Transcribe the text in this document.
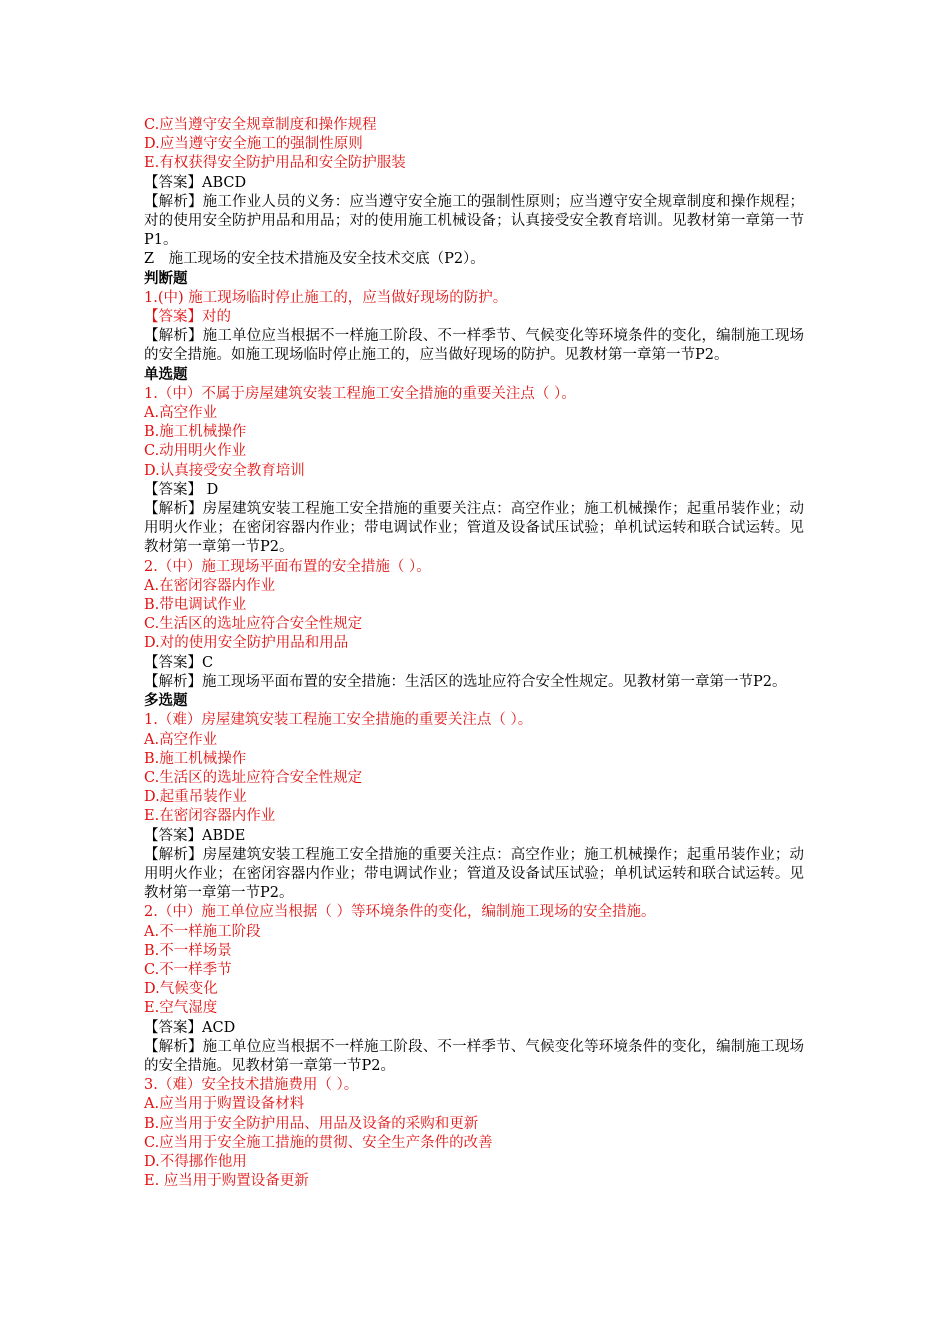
C.应当遵守安全规章制度和操作规程
D.应当遵守安全施工的强制性原则
E.有权获得安全防护用品和安全防护服装
【答案】ABCD
【解析】施工作业人员的义务：应当遵守安全施工的强制性原则；应当遵守安全规章制度和操作规程；对的使用安全防护用品和用品；对的使用施工机械设备；认真接受安全教育培训。见教材第一章第一节P1。
Z　施工现场的安全技术措施及安全技术交底（P2）。
判断题
1.(中) 施工现场临时停止施工的，应当做好现场的防护。
【答案】对的
【解析】施工单位应当根据不一样施工阶段、不一样季节、气候变化等环境条件的变化，编制施工现场的安全措施。如施工现场临时停止施工的，应当做好现场的防护。见教材第一章第一节P2。
单选题
1.（中）不属于房屋建筑安装工程施工安全措施的重要关注点（ ）。
A.高空作业
B.施工机械操作
C.动用明火作业
D.认真接受安全教育培训
【答案】 D
【解析】房屋建筑安装工程施工安全措施的重要关注点：高空作业；施工机械操作；起重吊装作业；动用明火作业；在密闭容器内作业；带电调试作业；管道及设备试压试验；单机试运转和联合试运转。见教材第一章第一节P2。
2.（中）施工现场平面布置的安全措施（ ）。
A.在密闭容器内作业
B.带电调试作业
C.生活区的选址应符合安全性规定
D.对的使用安全防护用品和用品
【答案】C
【解析】施工现场平面布置的安全措施：生活区的选址应符合安全性规定。见教材第一章第一节P2。
多选题
1.（难）房屋建筑安装工程施工安全措施的重要关注点（ ）。
A.高空作业
B.施工机械操作
C.生活区的选址应符合安全性规定
D.起重吊装作业
E.在密闭容器内作业
【答案】ABDE
【解析】房屋建筑安装工程施工安全措施的重要关注点：高空作业；施工机械操作；起重吊装作业；动用明火作业；在密闭容器内作业；带电调试作业；管道及设备试压试验；单机试运转和联合试运转。见教材第一章第一节P2。
2.（中）施工单位应当根据（ ）等环境条件的变化，编制施工现场的安全措施。
A.不一样施工阶段
B.不一样场景
C.不一样季节
D.气候变化
E.空气湿度
【答案】ACD
【解析】施工单位应当根据不一样施工阶段、不一样季节、气候变化等环境条件的变化，编制施工现场的安全措施。见教材第一章第一节P2。
3.（难）安全技术措施费用（ ）。
A.应当用于购置设备材料
B.应当用于安全防护用品、用品及设备的采购和更新
C.应当用于安全施工措施的贯彻、安全生产条件的改善
D.不得挪作他用
E. 应当用于购置设备更新
